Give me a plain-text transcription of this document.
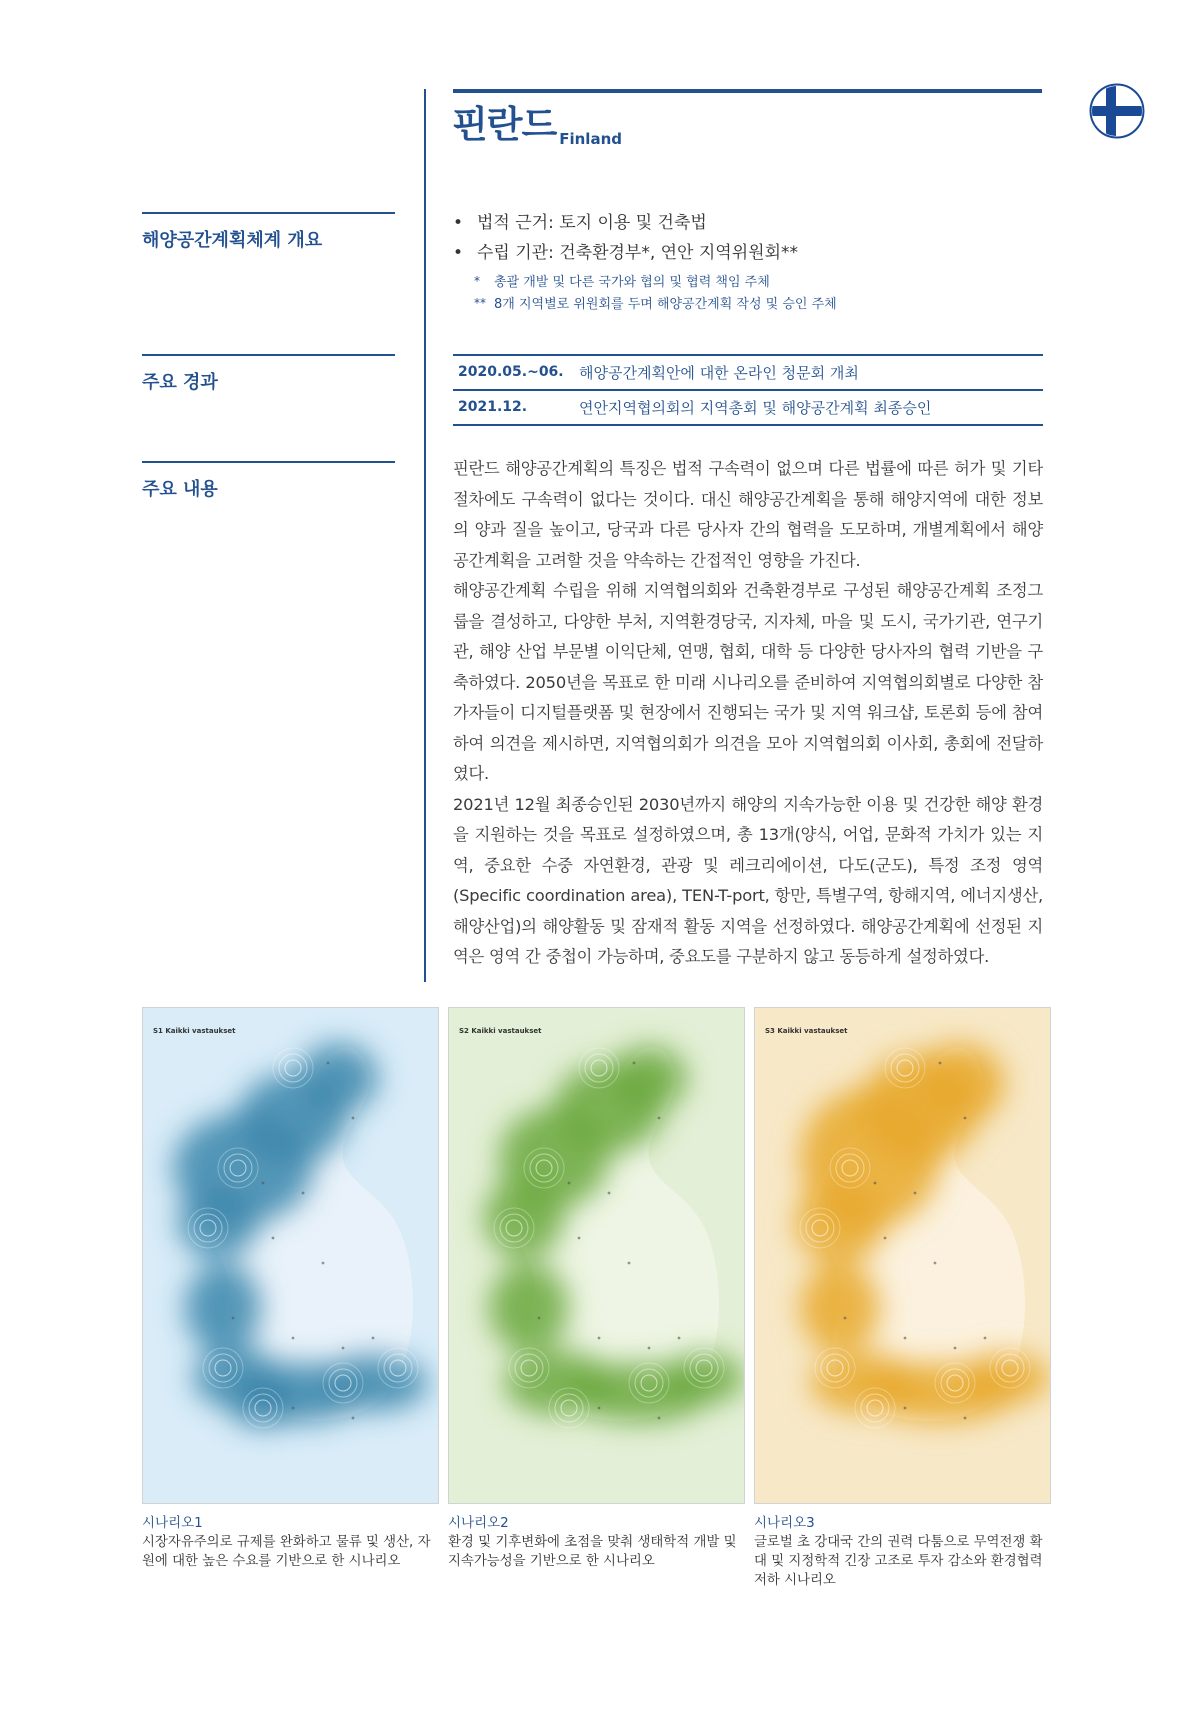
핀란드 $^{Finland}$
해양공간계획체계 개요
주요 경과
주요 내용
• 법적 근거: 토지 이용 및 건축법
• 수립 기관: 건축환경부*, 연안 지역위원회**
* 총괄 개발 및 다른 국가와 협의 및 협력 책임 주체
** 8개 지역별로 위원회를 두며 해양공간계획 작성 및 승인 주체
2020.05.~06. 해양공간계획안에 대한 온라인 청문회 개최
2021.12.	연안지역협의회의 지역총회 및 해양공간계획 최종승인

핀란드 해양공간계획의 특징은 법적 구속력이 없으며 다른 법률에 따른 허가 및 기타 절차에도 구속력이 없다는 것이다. 대신 해양공간계획을 통해 해양지역에 대한 정보의 양과 질을 높이고, 당국과 다른 당사자 간의 협력을 도모하며, 개별계획에서 해양공간계획을 고려할 것을 약속하는 간접적인 영향을 가진다.

해양공간계획 수립을 위해 지역협의회와 건축환경부로 구성된 해양공간계획 조정그룹을 결성하고, 다양한 부처, 지역환경당국, 지자체, 마을 및 도시, 국가기관, 연구기관, 해양 산업 부문별 이익단체, 연맹, 협회, 대학 등 다양한 당사자의 협력 기반을 구축하였다. 2050년을 목표로 한 미래 시나리오를 준비하여 지역협의회별로 다양한 참가자들이 디지털플랫폼 및 현장에서 진행되는 국가 및 지역 워크샵, 토론회 등에 참여하여 의견을 제시하면, 지역협의회가 의견을 모아 지역협의회 이사회, 총회에 전달하였다.

2021년 12월 최종승인된 2030년까지 해양의 지속가능한 이용 및 건강한 해양 환경을 지원하는 것을 목표로 설정하였으며, 총 13개(양식, 어업, 문화적 가치가 있는 지역, 중요한 수중 자연환경, 관광 및 레크리에이션, 다도(군도), 특정 조정 영역(Specific coordination area), TEN-T-port, 항만, 특별구역, 항해지역, 에너지생산, 해양산업)의 해양활동 및 잠재적 활동 지역을 선정하였다. 해양공간계획에 선정된 지역은 영역 간 중첩이 가능하며, 중요도를 구분하지 않고 동등하게 설정하였다.

S1 Kaikki vastaukset	S2 Kaikki vastaukset	S3 Kaikki vastaukset
시나리오1
시장자유주의로 규제를 완화하고 물류 및 생산, 자원에 대한 높은 수요를 기반으로 한 시나리오
시나리오2
환경 및 기후변화에 초점을 맞춰 생태학적 개발 및 지속가능성을 기반으로 한 시나리오
시나리오3
글로벌 초 강대국 간의 권력 다툼으로 무역전쟁 확대 및 지정학적 긴장 고조로 투자 감소와 환경협력 저하 시나리오
